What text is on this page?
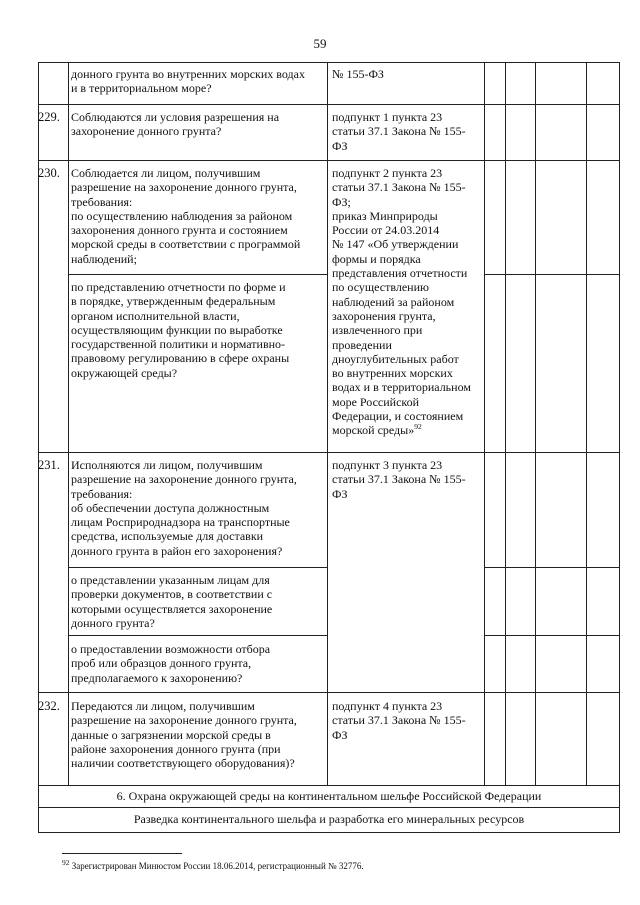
59
донного грунта во внутренних морских водах
и в территориальном море?
№ 155-ФЗ
229. Соблюдаются ли условия разрешения на
захоронение донного грунта?
подпункт 1 пункта 23
статьи 37.1 Закона № 155-
ФЗ
230. Соблюдается ли лицом, получившим
разрешение на захоронение донного грунта,
требования:
по осуществлению наблюдения за районом
захоронения донного грунта и состоянием
морской среды в соответствии с программой
наблюдений;
по представлению отчетности по форме и
в порядке, утвержденным федеральным
органом исполнительной власти,
осуществляющим функции по выработке
государственной политики и нормативно-
правовому регулированию в сфере охраны
окружающей среды?
подпункт 2 пункта 23
статьи 37.1 Закона № 155-
ФЗ;
приказ Минприроды
России от 24.03.2014
№ 147 «Об утверждении
формы и порядка
представления отчетности
по осуществлению
наблюдений за районом
захоронения грунта,
извлеченного при
проведении
дноуглубительных работ
во внутренних морских
водах и в территориальном
море Российской
Федерации, и состоянием
морской среды»$^{92}$
231. Исполняются ли лицом, получившим
разрешение на захоронение донного грунта,
требования:
об обеспечении доступа должностным
лицам Росприроднадзора на транспортные
средства, используемые для доставки
донного грунта в район его захоронения?
о представлении указанным лицам для
проверки документов, в соответствии с
которыми осуществляется захоронение
донного грунта?
о предоставлении возможности отбора
проб или образцов донного грунта,
предполагаемого к захоронению?
подпункт 3 пункта 23
статьи 37.1 Закона № 155-
ФЗ
232. Передаются ли лицом, получившим
разрешение на захоронение донного грунта,
данные о загрязнении морской среды в
районе захоронения донного грунта (при
наличии соответствующего оборудования)?
подпункт 4 пункта 23
статьи 37.1 Закона № 155-
ФЗ
6. Охрана окружающей среды на континентальном шельфе Российской Федерации
Разведка континентального шельфа и разработка его минеральных ресурсов
$^{92}$ Зарегистрирован Минюстом России 18.06.2014, регистрационный № 32776.
